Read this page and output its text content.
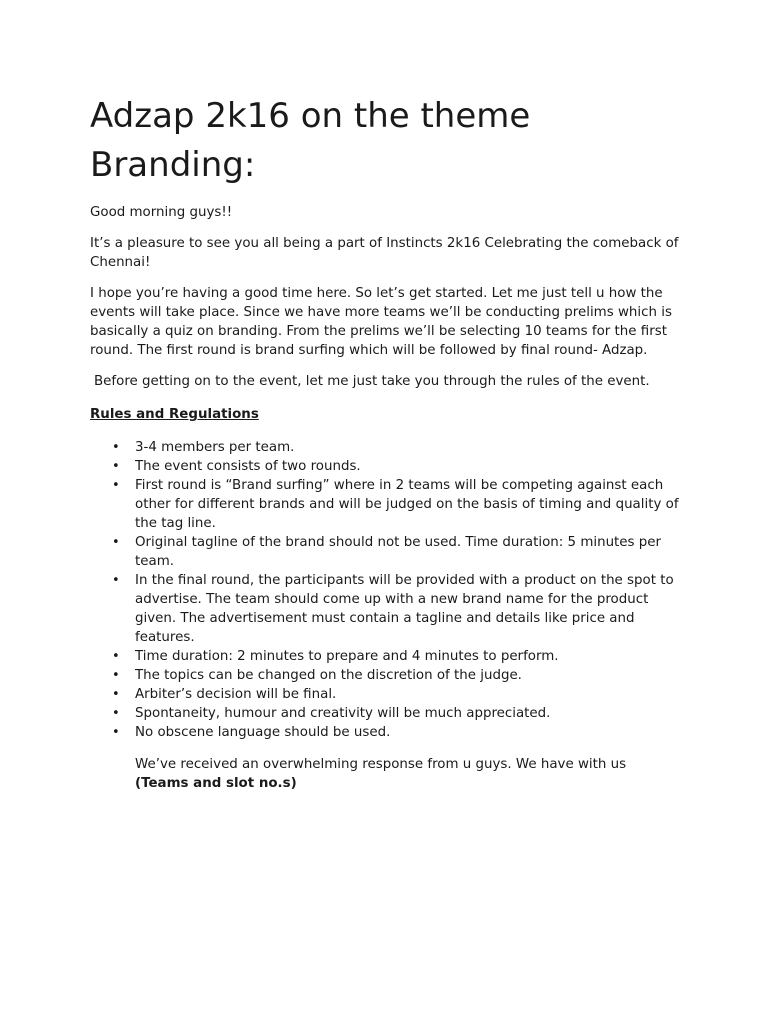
Adzap 2k16 on the theme Branding:

Good morning guys!!

It’s a pleasure to see you all being a part of Instincts 2k16 Celebrating the comeback of Chennai!

I hope you’re having a good time here. So let’s get started. Let me just tell u how the events will take place. Since we have more teams we’ll be conducting prelims which is basically a quiz on branding. From the prelims we’ll be selecting 10 teams for the first round. The first round is brand surfing which will be followed by final round- Adzap.

Before getting on to the event, let me just take you through the rules of the event.

Rules and Regulations

• 3-4 members per team.
• The event consists of two rounds.
• First round is “Brand surfing” where in 2 teams will be competing against each other for different brands and will be judged on the basis of timing and quality of the tag line.
• Original tagline of the brand should not be used. Time duration: 5 minutes per team.
• In the final round, the participants will be provided with a product on the spot to advertise. The team should come up with a new brand name for the product given. The advertisement must contain a tagline and details like price and features.
• Time duration: 2 minutes to prepare and 4 minutes to perform.
• The topics can be changed on the discretion of the judge.
• Arbiter’s decision will be final.
• Spontaneity, humour and creativity will be much appreciated.
• No obscene language should be used.

We’ve received an overwhelming response from u guys. We have with us

(Teams and slot no.s)
